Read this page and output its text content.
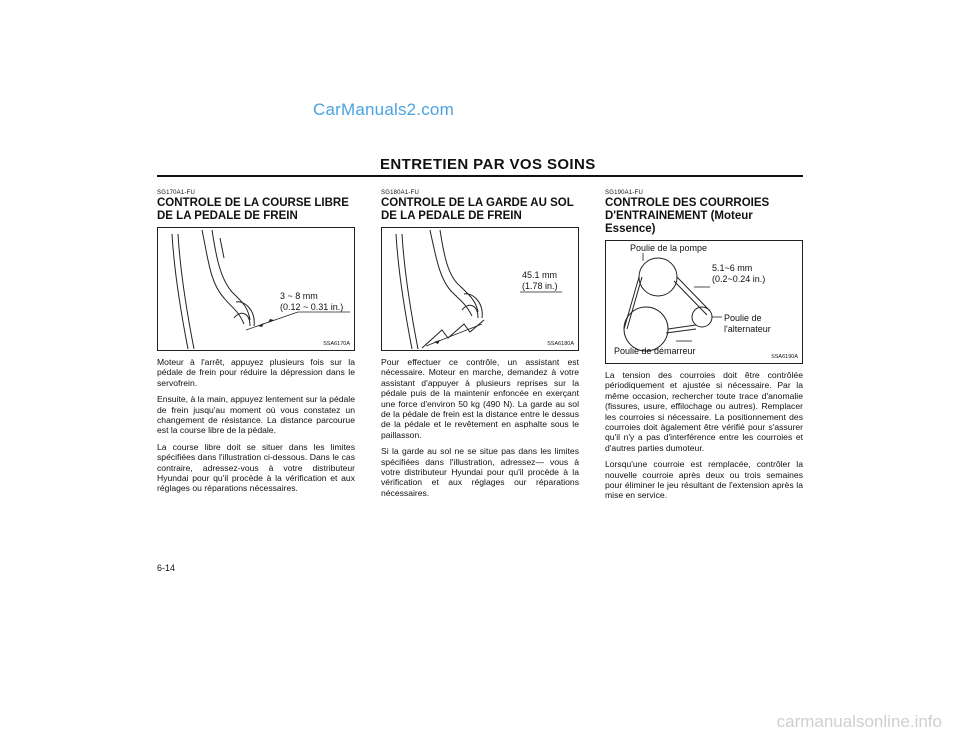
CarManuals2.com
carmanualsonline.info
ENTRETIEN PAR VOS SOINS
SG170A1-FU
CONTROLE DE LA COURSE LIBRE DE LA PEDALE DE FREIN
3 ~ 8 mm
(0.12 ~ 0.31 in.)
SSA6170A

Moteur à l'arrêt, appuyez plusieurs fois sur la pédale de frein pour réduire la dépression dans le servofrein.

Ensuite, à la main, appuyez lentement sur la pédale de frein jusqu'au moment où vous constatez un changement de résistance. La distance parcourue est la course libre de la pédale.

La course libre doit se situer dans les limites spécifiées dans l'illustration ci-dessous. Dans le cas contraire, adressez-vous à votre distributeur Hyundai pour qu'il procède à la vérification et aux réglages ou réparations nécessaires.

SG180A1-FU
CONTROLE DE LA GARDE AU SOL DE LA PEDALE DE FREIN
45.1 mm
(1.78 in.)
SSA6180A

Pour effectuer ce contrôle, un assistant est nécessaire. Moteur en marche, demandez à votre assistant d'appuyer à plusieurs reprises sur la pédale puis de la maintenir enfoncée en exerçant une force d'environ 50 kg (490 N). La garde au sol de la pédale de frein est la distance entre le dessus de la pédale et le revêtement en asphalte sous le paillasson.

Si la garde au sol ne se situe pas dans les limites spécifiées dans l'illustration, adressez— vous à votre distributeur Hyundai pour qu'il procède à la vérification et aux réglages our réparations nécessaires.

SG190A1-FU
CONTROLE DES COURROIES D'ENTRAINEMENT (Moteur Essence)
Poulie de la pompe
5.1~6 mm
(0.2~0.24 in.)
Poulie de
l'alternateur
Poulie de démarreur
SSA6190A

La tension des courroies doit être contrôlée périodiquement et ajustée si nécessaire. Par la même occasion, rechercher toute trace d'anomalie (fissures, usure, effilochage ou autres). Remplacer les courroies si nécessaire. La positionnement des courroies doit àgalement être vérifié pour s'assurer qu'il n'y a pas d'interférence entre les courroies et d'autres parties dumoteur.

Lorsqu'une courroie est remplacée, contrôler la nouvelle courroie après deux ou trois semaines pour éliminer le jeu résultant de l'extension après la mise en service.

6-14
